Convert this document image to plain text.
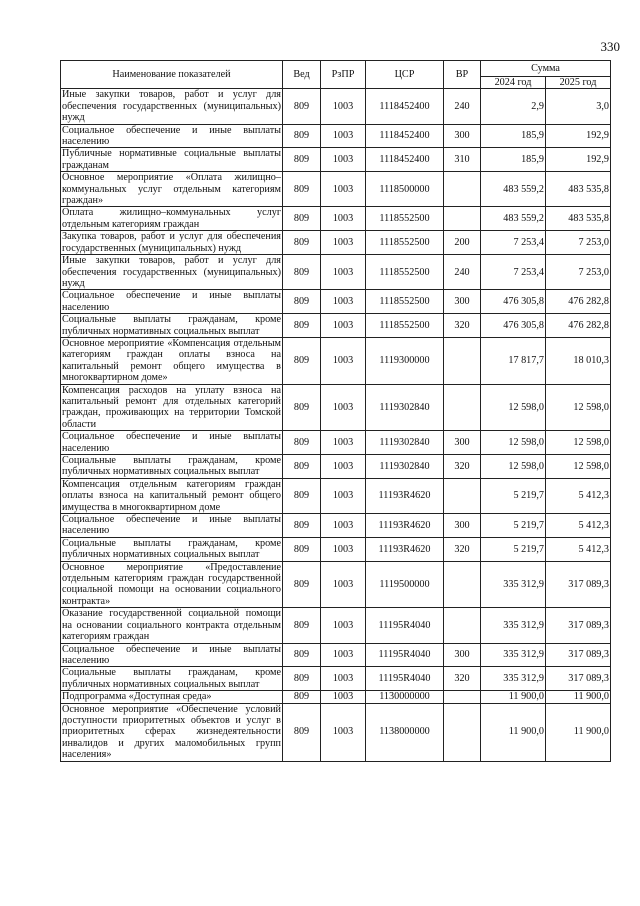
330
Наименование показателей	Вед	РзПР	ЦСР	ВР	Сумма	
					2024 год	2025 год
Иные закупки товаров, работ и услуг для обеспечения государственных (муниципальных) нужд	809	1003	1118452400	240	2,9	3,0
Социальное обеспечение и иные выплаты населению	809	1003	1118452400	300	185,9	192,9
Публичные нормативные социальные выплаты гражданам	809	1003	1118452400	310	185,9	192,9
Основное мероприятие «Оплата жилищно–коммунальных услуг отдельным категориям граждан»	809	1003	1118500000		483 559,2	483 535,8
Оплата жилищно–коммунальных услуг отдельным категориям граждан	809	1003	1118552500		483 559,2	483 535,8
Закупка товаров, работ и услуг для обеспечения государственных (муниципальных) нужд	809	1003	1118552500	200	7 253,4	7 253,0
Иные закупки товаров, работ и услуг для обеспечения государственных (муниципальных) нужд	809	1003	1118552500	240	7 253,4	7 253,0
Социальное обеспечение и иные выплаты населению	809	1003	1118552500	300	476 305,8	476 282,8
Социальные выплаты гражданам, кроме публичных нормативных социальных выплат	809	1003	1118552500	320	476 305,8	476 282,8
Основное мероприятие «Компенсация отдельным категориям граждан оплаты взноса на капитальный ремонт общего имущества в многоквартирном доме»	809	1003	1119300000		17 817,7	18 010,3
Компенсация расходов на уплату взноса на капитальный ремонт для отдельных категорий граждан, проживающих на территории Томской области	809	1003	1119302840		12 598,0	12 598,0
Социальное обеспечение и иные выплаты населению	809	1003	1119302840	300	12 598,0	12 598,0
Социальные выплаты гражданам, кроме публичных нормативных социальных выплат	809	1003	1119302840	320	12 598,0	12 598,0
Компенсация отдельным категориям граждан оплаты взноса на капитальный ремонт общего имущества в многоквартирном доме	809	1003	11193R4620		5 219,7	5 412,3
Социальное обеспечение и иные выплаты населению	809	1003	11193R4620	300	5 219,7	5 412,3
Социальные выплаты гражданам, кроме публичных нормативных социальных выплат	809	1003	11193R4620	320	5 219,7	5 412,3
Основное мероприятие «Предоставление отдельным категориям граждан государственной социальной помощи на основании социального контракта»	809	1003	1119500000		335 312,9	317 089,3
Оказание государственной социальной помощи на основании социального контракта отдельным категориям граждан	809	1003	11195R4040		335 312,9	317 089,3
Социальное обеспечение и иные выплаты населению	809	1003	11195R4040	300	335 312,9	317 089,3
Социальные выплаты гражданам, кроме публичных нормативных социальных выплат	809	1003	11195R4040	320	335 312,9	317 089,3
Подпрограмма «Доступная среда»	809	1003	1130000000		11 900,0	11 900,0
Основное мероприятие «Обеспечение условий доступности приоритетных объектов и услуг в приоритетных сферах жизнедеятельности инвалидов и других маломобильных групп населения»	809	1003	1138000000		11 900,0	11 900,0
